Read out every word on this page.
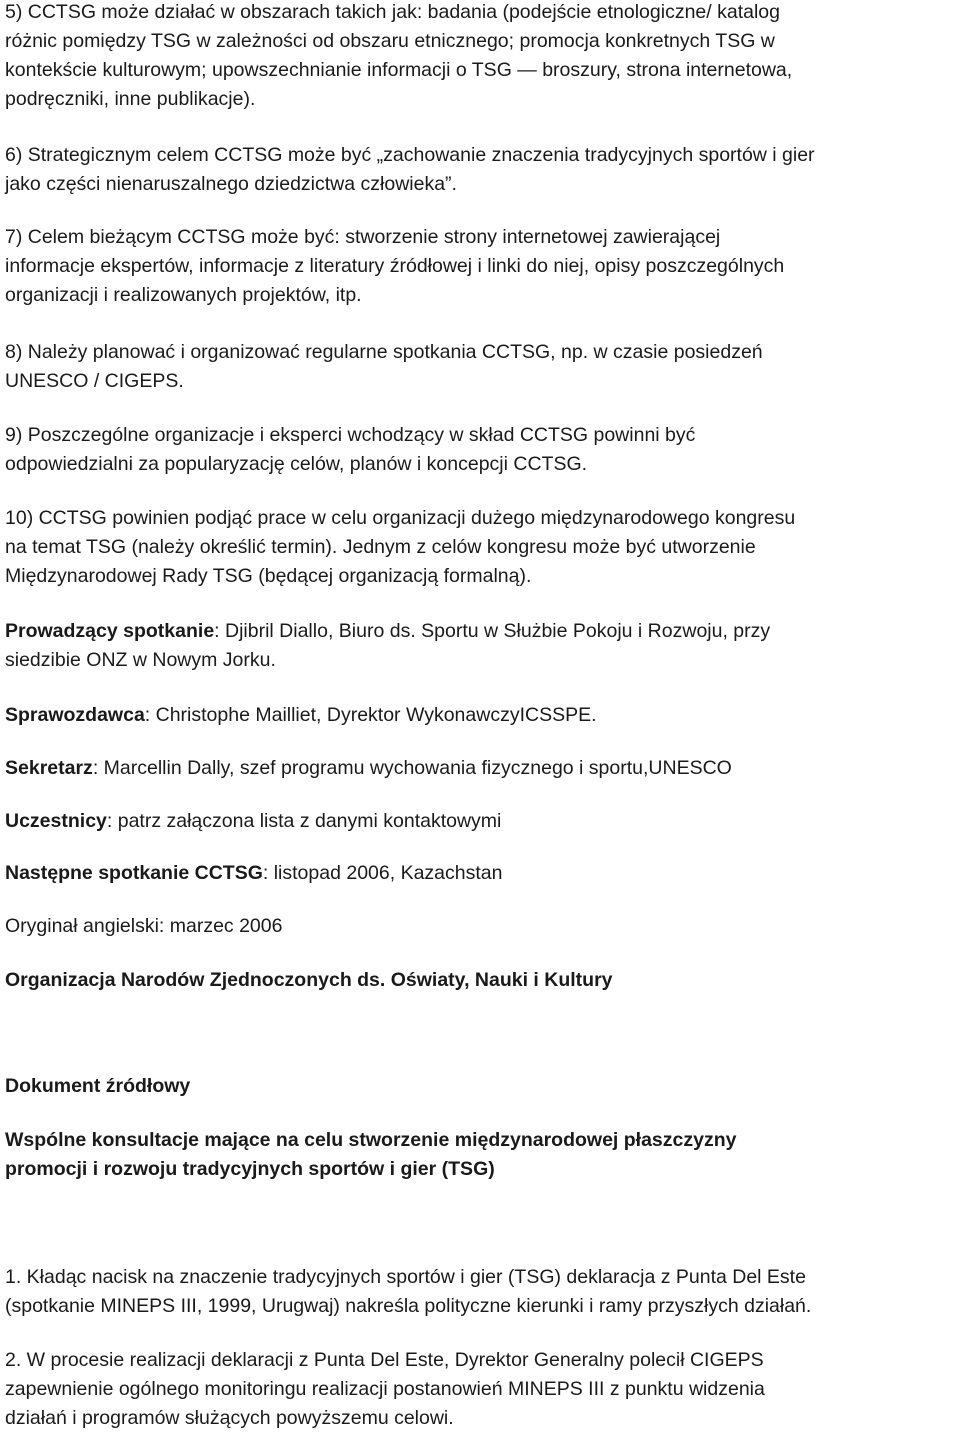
5) CCTSG może działać w obszarach takich jak: badania (podejście etnologiczne/ katalog
różnic pomiędzy TSG w zależności od obszaru etnicznego; promocja konkretnych TSG w
kontekście kulturowym; upowszechnianie informacji o TSG — broszury, strona internetowa,
podręczniki, inne publikacje).

6) Strategicznym celem CCTSG może być „zachowanie znaczenia tradycyjnych sportów i gier
jako części nienaruszalnego dziedzictwa człowieka”.

7) Celem bieżącym CCTSG może być: stworzenie strony internetowej zawierającej
informacje ekspertów, informacje z literatury źródłowej i linki do niej, opisy poszczególnych
organizacji i realizowanych projektów, itp.

8) Należy planować i organizować regularne spotkania CCTSG, np. w czasie posiedzeń
UNESCO / CIGEPS.

9) Poszczególne organizacje i eksperci wchodzący w skład CCTSG powinni być
odpowiedzialni za popularyzację celów, planów i koncepcji CCTSG.

10) CCTSG powinien podjąć prace w celu organizacji dużego międzynarodowego kongresu
na temat TSG (należy określić termin). Jednym z celów kongresu może być utworzenie
Międzynarodowej Rady TSG (będącej organizacją formalną).

Prowadzący spotkanie: Djibril Diallo, Biuro ds. Sportu w Służbie Pokoju i Rozwoju, przy
siedzibie ONZ w Nowym Jorku.

Sprawozdawca: Christophe Mailliet, Dyrektor WykonawczyICSSPE.

Sekretarz: Marcellin Dally, szef programu wychowania fizycznego i sportu,UNESCO

Uczestnicy: patrz załączona lista z danymi kontaktowymi

Następne spotkanie CCTSG: listopad 2006, Kazachstan

Oryginał angielski: marzec 2006

Organizacja Narodów Zjednoczonych ds. Oświaty, Nauki i Kultury

Dokument źródłowy

Wspólne konsultacje mające na celu stworzenie międzynarodowej płaszczyzny
promocji i rozwoju tradycyjnych sportów i gier (TSG)

1. Kładąc nacisk na znaczenie tradycyjnych sportów i gier (TSG) deklaracja z Punta Del Este
(spotkanie MINEPS III, 1999, Urugwaj) nakreśla polityczne kierunki i ramy przyszłych działań.

2. W procesie realizacji deklaracji z Punta Del Este, Dyrektor Generalny polecił CIGEPS
zapewnienie ogólnego monitoringu realizacji postanowień MINEPS III z punktu widzenia
działań i programów służących powyższemu celowi.
